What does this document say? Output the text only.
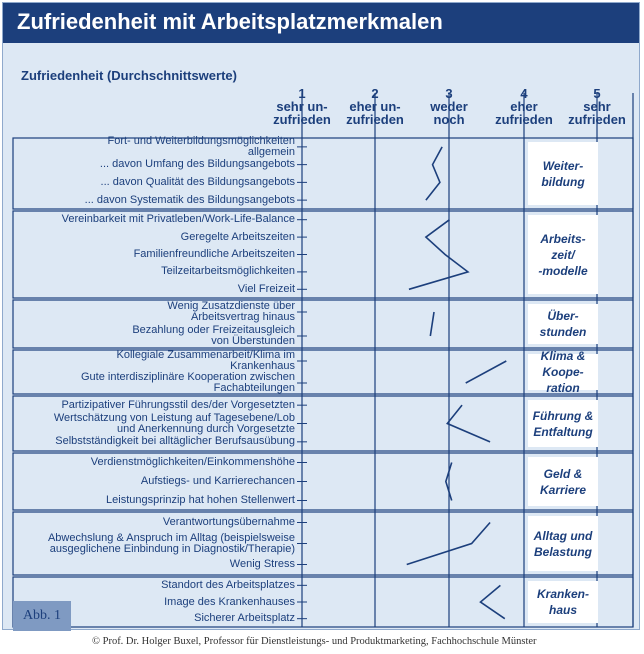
Zufriedenheit mit Arbeitsplatzmerkmalen
Zufriedenheit (Durchschnittswerte)
1
sehr un-
zufrieden
2
eher un-
zufrieden
3
weder
noch
4
eher
zufrieden
5
sehr
zufrieden
Fort- und Weiterbildungsmöglichkeiten
allgemein
... davon Umfang des Bildungsangebots
... davon Qualität des Bildungsangebots
... davon Systematik des Bildungsangebots
Vereinbarkeit mit Privatleben/Work-Life-Balance
Geregelte Arbeitszeiten
Familienfreundliche Arbeitszeiten
Teilzeitarbeitsmöglichkeiten
Viel Freizeit
Wenig Zusatzdienste über
Arbeitsvertrag hinaus
Bezahlung oder Freizeitausgleich
von Überstunden
Kollegiale Zusammenarbeit/Klima im
Krankenhaus
Gute interdisziplinäre Kooperation zwischen
Fachabteilungen
Partizipativer Führungsstil des/der Vorgesetzten
Wertschätzung von Leistung auf Tagesebene/Lob
und Anerkennung durch Vorgesetzte
Selbstständigkeit bei alltäglicher Berufsausübung
Verdienstmöglichkeiten/Einkommenshöhe
Aufstiegs- und Karrierechancen
Leistungsprinzip hat hohen Stellenwert
Verantwortungsübernahme
Abwechslung & Anspruch im Alltag (beispielsweise
ausgeglichene Einbindung in Diagnostik/Therapie)
Wenig Stress
Standort des Arbeitsplatzes
Image des Krankenhauses
Sicherer Arbeitsplatz
Weiter-
bildung
Arbeits-
zeit/
-modelle
Über-
stunden
Klima &
Koope-
ration
Führung &
Entfaltung
Geld &
Karriere
Alltag und
Belastung
Kranken-
haus
Abb. 1
© Prof. Dr. Holger Buxel, Professor für Dienstleistungs- und Produktmarketing, Fachhochschule Münster
